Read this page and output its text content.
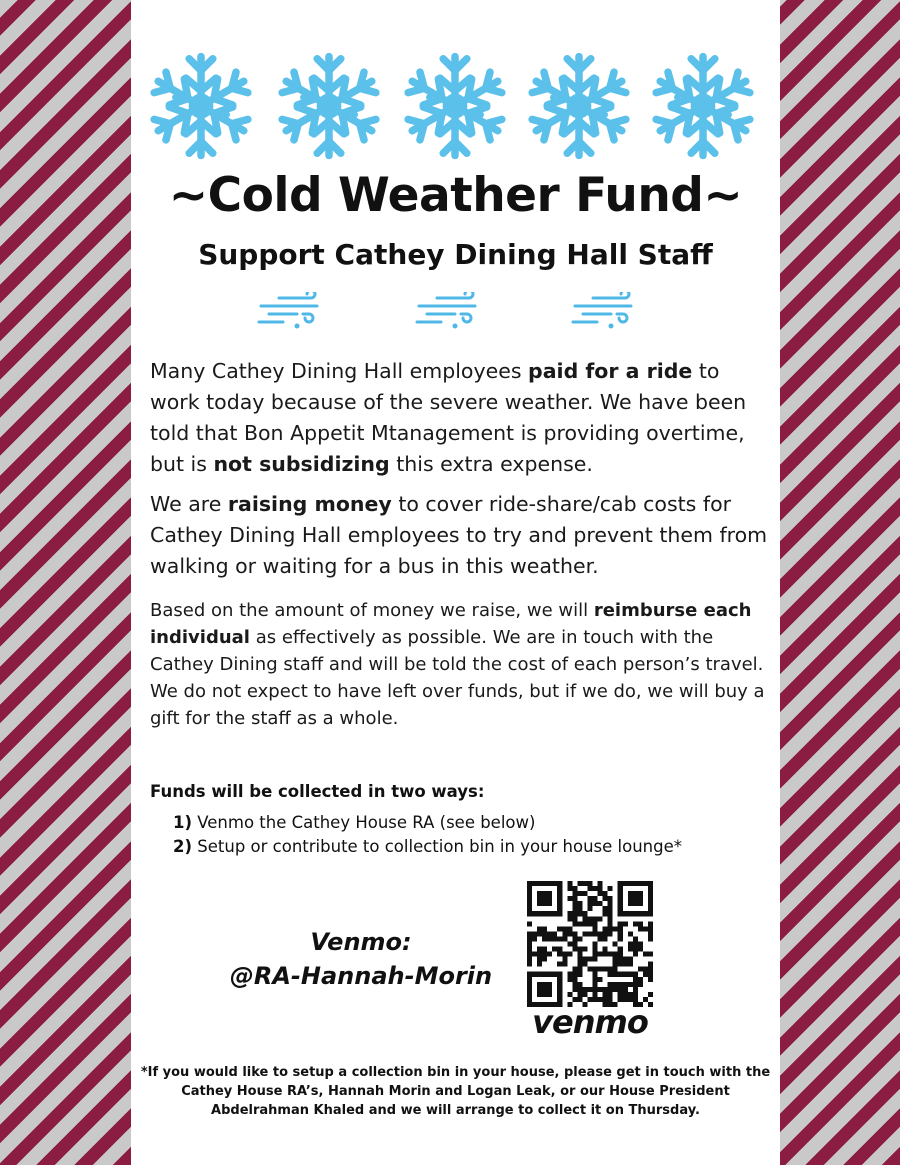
~Cold Weather Fund~
Support Cathey Dining Hall Staff

Many Cathey Dining Hall employees paid for a ride to work today because of the severe weather. We have been told that Bon Appetit Mtanagement is providing overtime, but is not subsidizing this extra expense.

We are raising money to cover ride-share/cab costs for Cathey Dining Hall employees to try and prevent them from walking or waiting for a bus in this weather.

Based on the amount of money we raise, we will reimburse each individual as effectively as possible. We are in touch with the Cathey Dining staff and will be told the cost of each person’s travel. We do not expect to have left over funds, but if we do, we will buy a gift for the staff as a whole.

Funds will be collected in two ways:

1) Venmo the Cathey House RA (see below)
2) Setup or contribute to collection bin in your house lounge*
Venmo:
@RA-Hannah-Morin

venmo

*If you would like to setup a collection bin in your house, please get in touch with the Cathey House RA’s, Hannah Morin and Logan Leak, or our House President Abdelrahman Khaled and we will arrange to collect it on Thursday.
